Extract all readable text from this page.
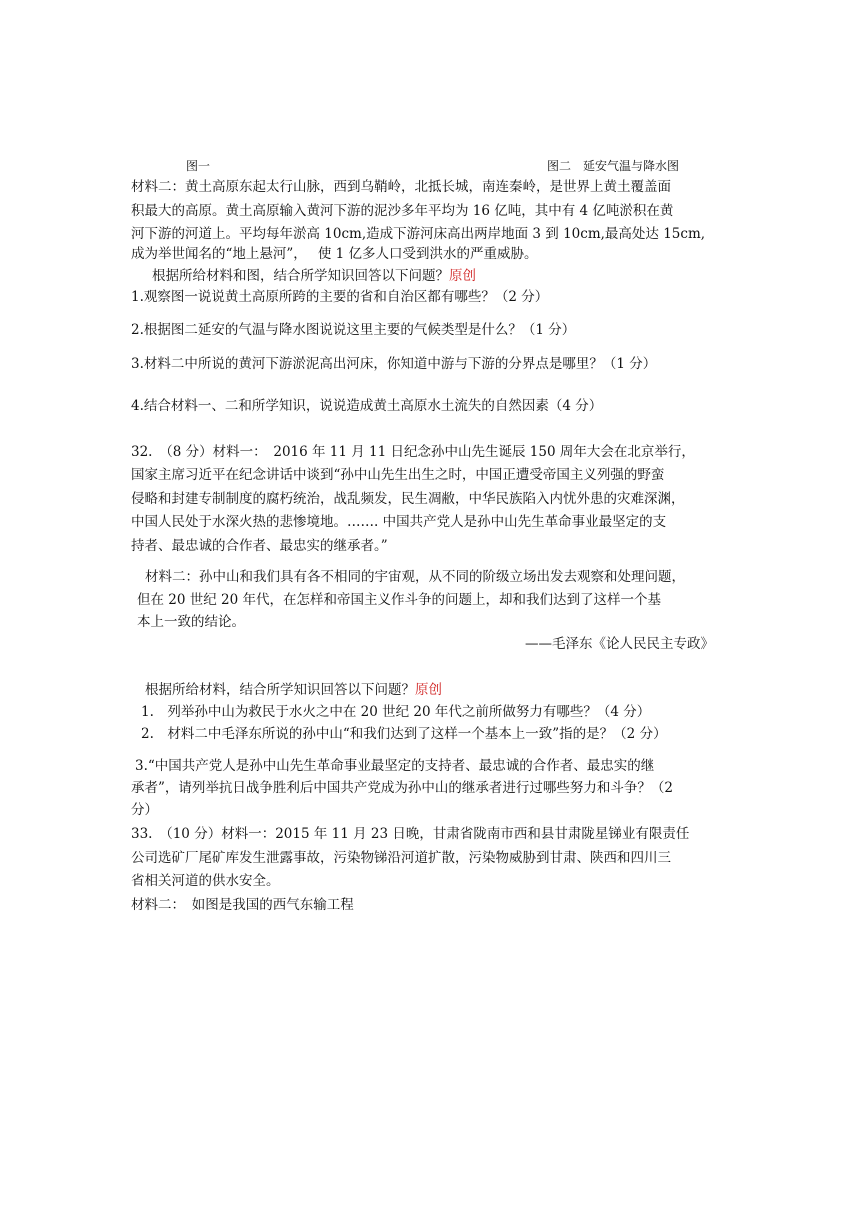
图一	图二　延安气温与降水图
材料二：黄土高原东起太行山脉，西到乌鞘岭，北抵长城，南连秦岭，是世界上黄土覆盖面
积最大的高原。黄土高原输入黄河下游的泥沙多年平均为 16 亿吨，其中有 4 亿吨淤积在黄
河下游的河道上。平均每年淤高 10cm,造成下游河床高出两岸地面 3 到 10cm,最高处达 15cm,
成为举世闻名的“地上悬河”，　 使 1 亿多人口受到洪水的严重威胁。
根据所给材料和图，结合所学知识回答以下问题？原创
1.观察图一说说黄土高原所跨的主要的省和自治区都有哪些？（2 分）
2.根据图二延安的气温与降水图说说这里主要的气候类型是什么？（1 分）
3.材料二中所说的黄河下游淤泥高出河床，你知道中游与下游的分界点是哪里？（1 分）
4.结合材料一、二和所学知识，说说造成黄土高原水土流失的自然因素（4 分）
32.　（8 分）材料一：　2016 年 11 月 11 日纪念孙中山先生诞辰 150 周年大会在北京举行，
国家主席习近平在纪念讲话中谈到“孙中山先生出生之时，中国正遭受帝国主义列强的野蛮
侵略和封建专制制度的腐朽统治，战乱频发，民生凋敝，中华民族陷入内忧外患的灾难深渊，
中国人民处于水深火热的悲惨境地。……. 中国共产党人是孙中山先生革命事业最坚定的支
持者、最忠诚的合作者、最忠实的继承者。”
材料二：孙中山和我们具有各不相同的宇宙观，从不同的阶级立场出发去观察和处理问题，
但在 20 世纪 20 年代，在怎样和帝国主义作斗争的问题上，却和我们达到了这样一个基
本上一致的结论。
——毛泽东《论人民民主专政》
根据所给材料，结合所学知识回答以下问题？原创
1.　列举孙中山为救民于水火之中在 20 世纪 20 年代之前所做努力有哪些？（4 分）
2.　材料二中毛泽东所说的孙中山“和我们达到了这样一个基本上一致”指的是？（2 分）
3.“中国共产党人是孙中山先生革命事业最坚定的支持者、最忠诚的合作者、最忠实的继
承者”，请列举抗日战争胜利后中国共产党成为孙中山的继承者进行过哪些努力和斗争？（2
分）
33.　（10 分）材料一：2015 年 11 月 23 日晚，甘肃省陇南市西和县甘肃陇星锑业有限责任
公司选矿厂尾矿库发生泄露事故，污染物锑沿河道扩散，污染物威胁到甘肃、陕西和四川三
省相关河道的供水安全。
材料二：　如图是我国的西气东输工程
